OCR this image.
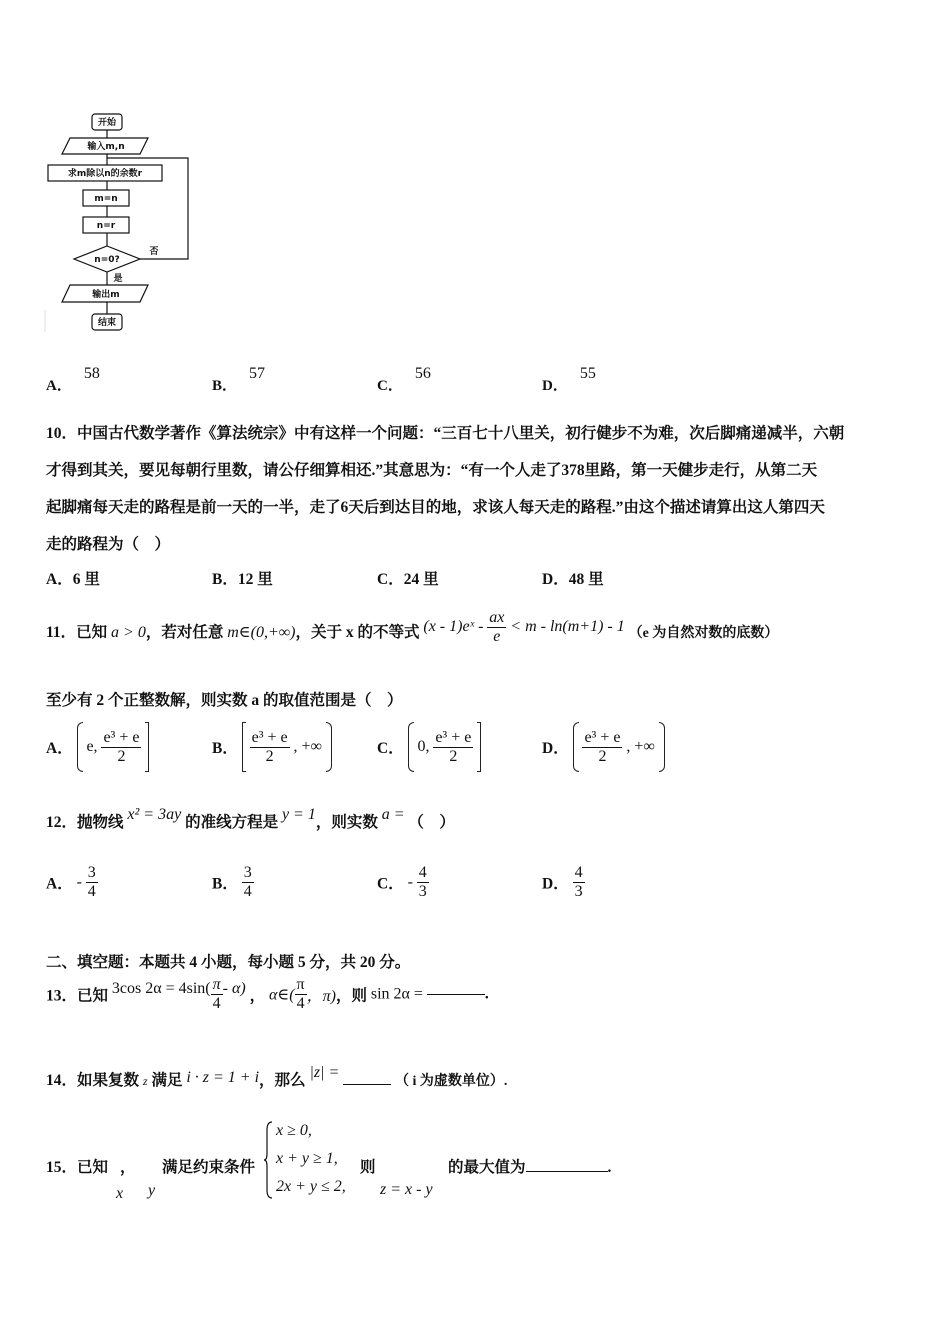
开始
输入m,n
求m除以n的余数r
m=n
n=r
n=0?
是
否
输出m
结束
A． 58
B． 57
C． 56
D． 55
10．中国古代数学著作《算法统宗》中有这样一个问题：“三百七十八里关，初行健步不为难，次后脚痛递减半，六朝
才得到其关，要见每朝行里数，请公仔细算相还.”其意思为：“有一个人走了378里路，第一天健步走行，从第二天
起脚痛每天走的路程是前一天的一半，走了6天后到达目的地，求该人每天走的路程.”由这个描述请算出这人第四天
走的路程为（　）
A．6 里	B．12 里	C．24 里	D．48 里
11．已知 a > 0，若对任意 m∈(0,+∞)，关于 x 的不等式 (x - 1)eˣ - $\frac{ax}{e} < m - \ln(m+1) - 1$ （e 为自然对数的底数）
至少有 2 个正整数解，则实数 a 的取值范围是（　）
A． e, $\frac{\text{e³ + e}}{2}$
	B． $\frac{\text{e³ + e}}{2}$ , +∞	C． 0, $\frac{\text{e³ + e}}{2}$
	D． $\frac{\text{e³ + e}}{2}$ , +∞
12．抛物线 x² = 3ay 的准线方程是 y = 1，则实数 a = （　）
A． - $\frac{3}{4}$	B． $\frac{3}{4}$	C． - $\frac{4}{3}$	D． $\frac{4}{3}$
二、填空题：本题共 4 小题，每小题 5 分，共 20 分。
13．已知 3cos $2\alpha = 4\sin( \frac{\pi}{4} - \alpha)$ ， α∈( $\frac{\pi}{4}$ ，π)，则 sin 2α =	.
14．如果复数 z 满足 i · z = 1 + i，那么 |z| =  （ i 为虚数单位）.
15．已知
x
，
y
满足约束条件
x ≥ 0,
x + y ≥ 1,
2x + y ≤ 2,
则
z = x - y
的最大值为	.
